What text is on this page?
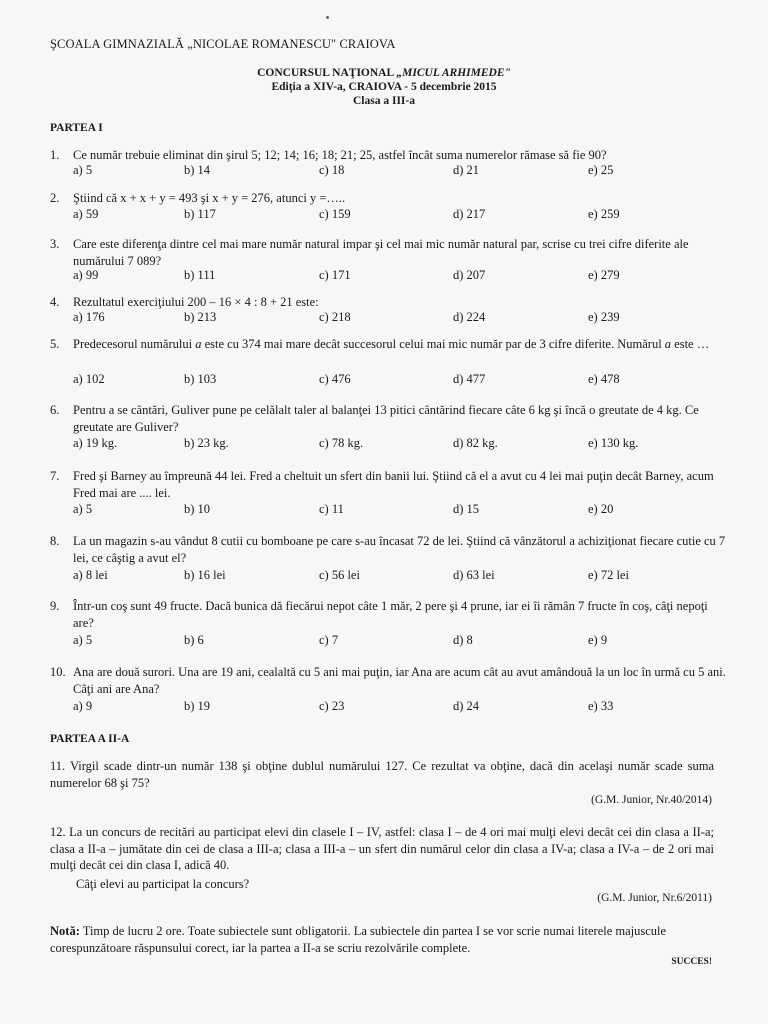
ŞCOALA GIMNAZIALĂ „NICOLAE ROMANESCU" CRAIOVA
CONCURSUL NAŢIONAL „MICUL ARHIMEDE"
Ediţia a XIV-a, CRAIOVA - 5 decembrie 2015
Clasa a III-a
PARTEA I
1. Ce număr trebuie eliminat din şirul 5; 12; 14; 16; 18; 21; 25, astfel încât suma numerelor rămase să fie 90?
a) 5	b) 14	c) 18	d) 21	e) 25
2. Ştiind că x + x + y = 493 şi x + y = 276, atunci y =…..
a) 59	b) 117	c) 159	d) 217	e) 259
3. Care este diferenţa dintre cel mai mare număr natural impar şi cel mai mic număr natural par, scrise cu trei cifre diferite ale numărului 7 089?
a) 99	b) 111	c) 171	d) 207	e) 279
4. Rezultatul exerciţiului 200 – 16 × 4 : 8 + 21 este:
a) 176	b) 213	c) 218	d) 224	e) 239
5. Predecesorul numărului a este cu 374 mai mare decât succesorul celui mai mic număr par de 3 cifre diferite. Numărul a este …
a) 102	b) 103	c) 476	d) 477	e) 478
6. Pentru a se cântări, Guliver pune pe celălalt taler al balanţei 13 pitici cântărind fiecare câte 6 kg şi încă o greutate de 4 kg. Ce greutate are Guliver?
a) 19 kg.	b) 23 kg.	c) 78 kg.	d) 82 kg.	e) 130 kg.
7. Fred şi Barney au împreună 44 lei. Fred a cheltuit un sfert din banii lui. Ştiind că el a avut cu 4 lei mai puţin decât Barney, acum Fred mai are .... lei.
a) 5	b) 10	c) 11	d) 15	e) 20
8. La un magazin s-au vândut 8 cutii cu bomboane pe care s-au încasat 72 de lei. Ştiind că vânzătorul a achiziţionat fiecare cutie cu 7 lei, ce câştig a avut el?
a) 8 lei	b) 16 lei	c) 56 lei	d) 63 lei	e) 72 lei
9. Într-un coş sunt 49 fructe. Dacă bunica dă fiecărui nepot câte 1 măr, 2 pere şi 4 prune, iar ei îi rămân 7 fructe în coş, câţi nepoţi are?
a) 5	b) 6	c) 7	d) 8	e) 9
10. Ana are două surori. Una are 19 ani, cealaltă cu 5 ani mai puţin, iar Ana are acum cât au avut amândouă la un loc în urmă cu 5 ani. Câţi ani are Ana?
a) 9	b) 19	c) 23	d) 24	e) 33
PARTEA A II-A
11. Virgil scade dintr-un număr 138 şi obţine dublul numărului 127. Ce rezultat va obţine, dacă din acelaşi număr scade suma numerelor 68 şi 75?
(G.M. Junior, Nr.40/2014)
12. La un concurs de recitări au participat elevi din clasele I – IV, astfel: clasa I – de 4 ori mai mulţi elevi decât cei din clasa a II-a; clasa a II-a – jumătate din cei de clasa a III-a; clasa a III-a – un sfert din numărul celor din clasa a IV-a; clasa a IV-a – de 2 ori mai mulţi decât cei din clasa I, adică 40.
Câţi elevi au participat la concurs?
(G.M. Junior, Nr.6/2011)
Notă: Timp de lucru 2 ore. Toate subiectele sunt obligatorii. La subiectele din partea I se vor scrie numai literele majuscule corespunzătoare răspunsului corect, iar la partea a II-a se scriu rezolvările complete.
SUCCES!
